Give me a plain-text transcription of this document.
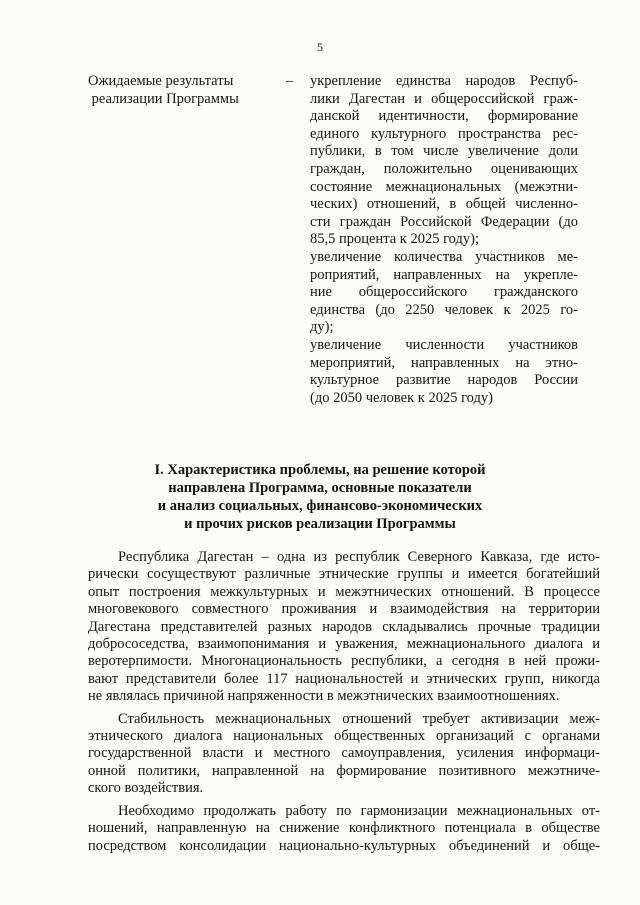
5
Ожидаемые результаты
реализации Программы
– укрепление единства народов Респуб-
лики Дагестан и общероссийской граж-
данской идентичности, формирование
единого культурного пространства рес-
публики, в том числе увеличение доли
граждан, положительно оценивающих
состояние межнациональных (межэтни-
ческих) отношений, в общей численно-
сти граждан Российской Федерации (до
85,5 процента к 2025 году);
увеличение количества участников ме-
роприятий, направленных на укрепле-
ние общероссийского гражданского
единства (до 2250 человек к 2025 го-
ду);
увеличение численности участников
мероприятий, направленных на этно-
культурное развитие народов России
(до 2050 человек к 2025 году)
I. Характеристика проблемы, на решение которой
направлена Программа, основные показатели
и анализ социальных, финансово-экономических
и прочих рисков реализации Программы
Республика Дагестан – одна из республик Северного Кавказа, где исто-
рически сосуществуют различные этнические группы и имеется богатейший
опыт построения межкультурных и межэтнических отношений. В процессе
многовекового совместного проживания и взаимодействия на территории
Дагестана представителей разных народов складывались прочные традиции
добрососедства, взаимопонимания и уважения, межнационального диалога и
веротерпимости. Многонациональность республики, а сегодня в ней прожи-
вают представители более 117 национальностей и этнических групп, никогда
не являлась причиной напряженности в межэтнических взаимоотношениях.
Стабильность межнациональных отношений требует активизации меж-
этнического диалога национальных общественных организаций с органами
государственной власти и местного самоуправления, усиления информаци-
онной политики, направленной на формирование позитивного межэтниче-
ского воздействия.
Необходимо продолжать работу по гармонизации межнациональных от-
ношений, направленную на снижение конфликтного потенциала в обществе
посредством консолидации национально-культурных объединений и обще-
